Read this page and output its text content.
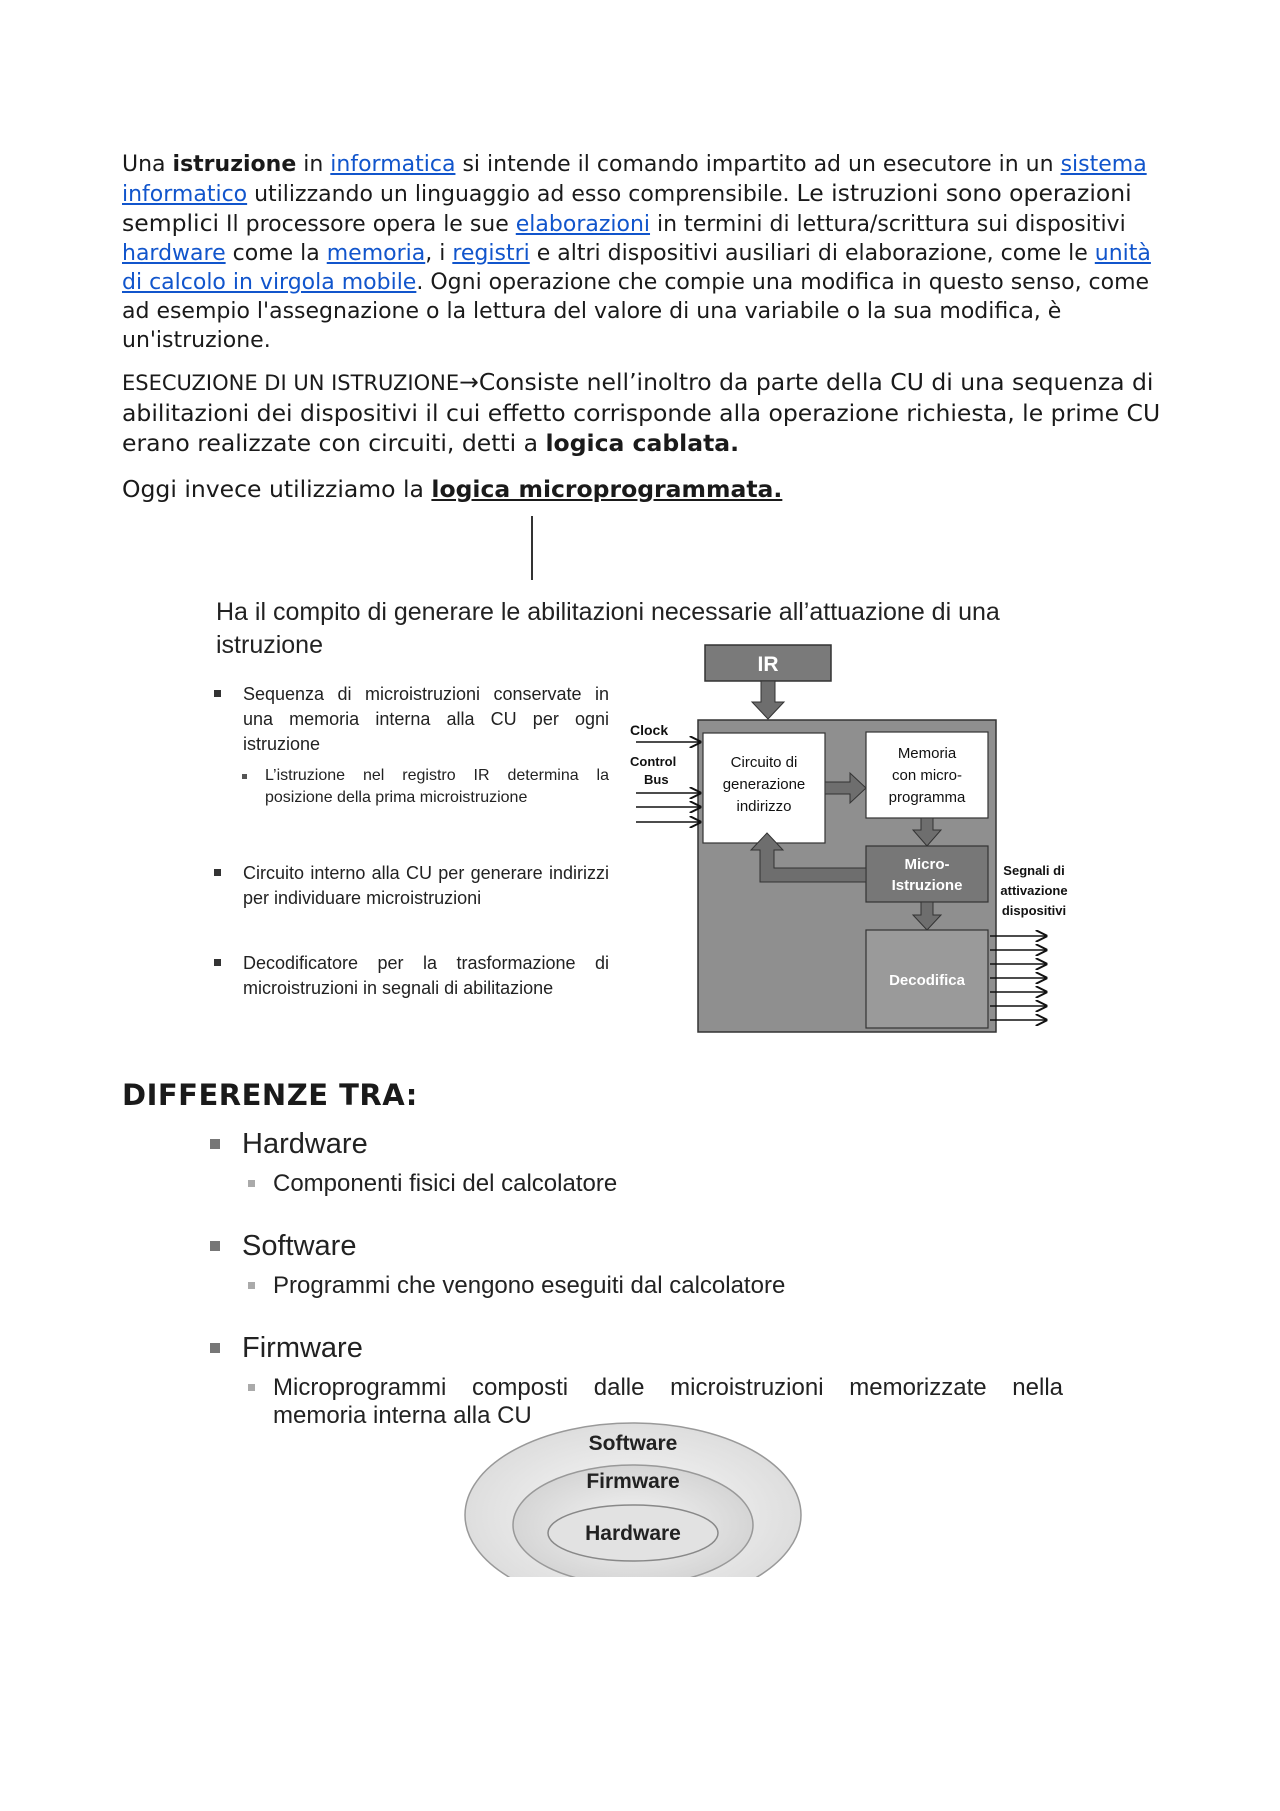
Una istruzione in informatica si intende il comando impartito ad un esecutore in un sistema informatico utilizzando un linguaggio ad esso comprensibile. Le istruzioni sono operazioni semplici Il processore opera le sue elaborazioni in termini di lettura/scrittura sui dispositivi hardware come la memoria, i registri e altri dispositivi ausiliari di elaborazione, come le unità di calcolo in virgola mobile. Ogni operazione che compie una modifica in questo senso, come ad esempio l'assegnazione o la lettura del valore di una variabile o la sua modifica, è un'istruzione.

ESECUZIONE DI UN ISTRUZIONE→Consiste nell’inoltro da parte della CU di una sequenza di abilitazioni dei dispositivi il cui effetto corrisponde alla operazione richiesta, le prime CU erano realizzate con circuiti, detti a logica cablata.

Oggi invece utilizziamo la logica microprogrammata.

Ha il compito di generare le abilitazioni necessarie all’attuazione di una istruzione
Sequenza di microistruzioni conservate in una memoria interna alla CU per ogni istruzione
L’istruzione nel registro IR determina la posizione della prima microistruzione
Circuito interno alla CU per generare indirizzi per individuare microistruzioni
Decodificatore per la trasformazione di microistruzioni in segnali di abilitazione
IR
Circuito di
generazione
indirizzo
Memoria
con micro-
programma
Micro-
Istruzione
Decodifica
Clock
Control
Bus
Segnali di
attivazione
dispositivi
DIFFERENZE TRA:
Hardware
Componenti fisici del calcolatore
Software
Programmi che vengono eseguiti dal calcolatore
Firmware
Microprogrammi composti dalle microistruzioni memorizzate nella memoria interna alla CU
Software
Firmware
Hardware
